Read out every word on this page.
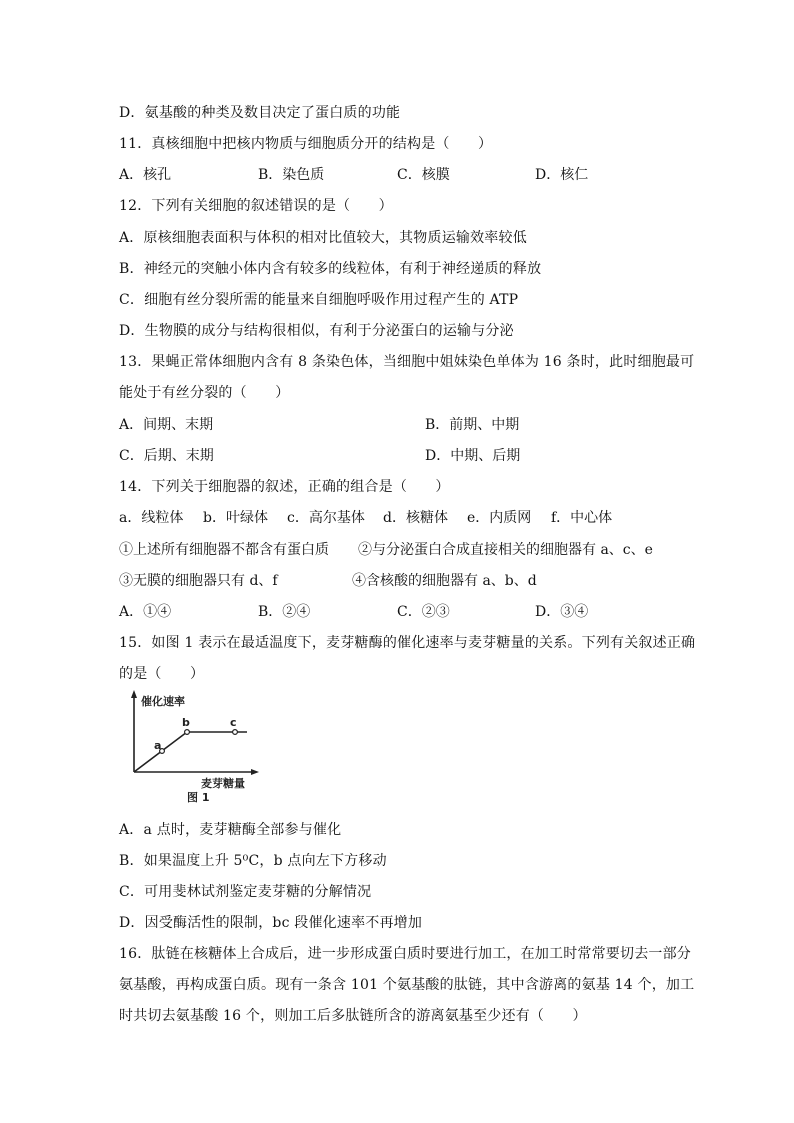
D．氨基酸的种类及数目决定了蛋白质的功能
11．真核细胞中把核内物质与细胞质分开的结构是（　　）
A．核孔	B．染色质	C．核膜	D．核仁
12．下列有关细胞的叙述错误的是（　　）
A．原核细胞表面积与体积的相对比值较大，其物质运输效率较低
B．神经元的突触小体内含有较多的线粒体，有利于神经递质的释放
C．细胞有丝分裂所需的能量来自细胞呼吸作用过程产生的 ATP
D．生物膜的成分与结构很相似，有利于分泌蛋白的运输与分泌
13．果蝇正常体细胞内含有 8 条染色体，当细胞中姐妹染色单体为 16 条时，此时细胞最可
能处于有丝分裂的（　　）
A．间期、末期	B．前期、中期
C．后期、末期	D．中期、后期
14．下列关于细胞器的叙述，正确的组合是（　　）
a．线粒体 b．叶绿体 c．高尔基体 d．核糖体 e．内质网 f．中心体
①上述所有细胞器不都含有蛋白质 ②与分泌蛋白合成直接相关的细胞器有 a、c、e
③无膜的细胞器只有 d、f	④含核酸的细胞器有 a、b、d
A．①④	B．②④	C．②③	D．③④
15．如图 1 表示在最适温度下，麦芽糖酶的催化速率与麦芽糖量的关系。下列有关叙述正确
的是（　　）
催化速率
a
b	c
麦芽糖量
图 1
A．a 点时，麦芽糖酶全部参与催化
B．如果温度上升 5⁰C，b 点向左下方移动
C．可用斐林试剂鉴定麦芽糖的分解情况
D．因受酶活性的限制，bc 段催化速率不再增加
16．肽链在核糖体上合成后，进一步形成蛋白质时要进行加工，在加工时常常要切去一部分
氨基酸，再构成蛋白质。现有一条含 101 个氨基酸的肽链，其中含游离的氨基 14 个，加工
时共切去氨基酸 16 个，则加工后多肽链所含的游离氨基至少还有（　　）
